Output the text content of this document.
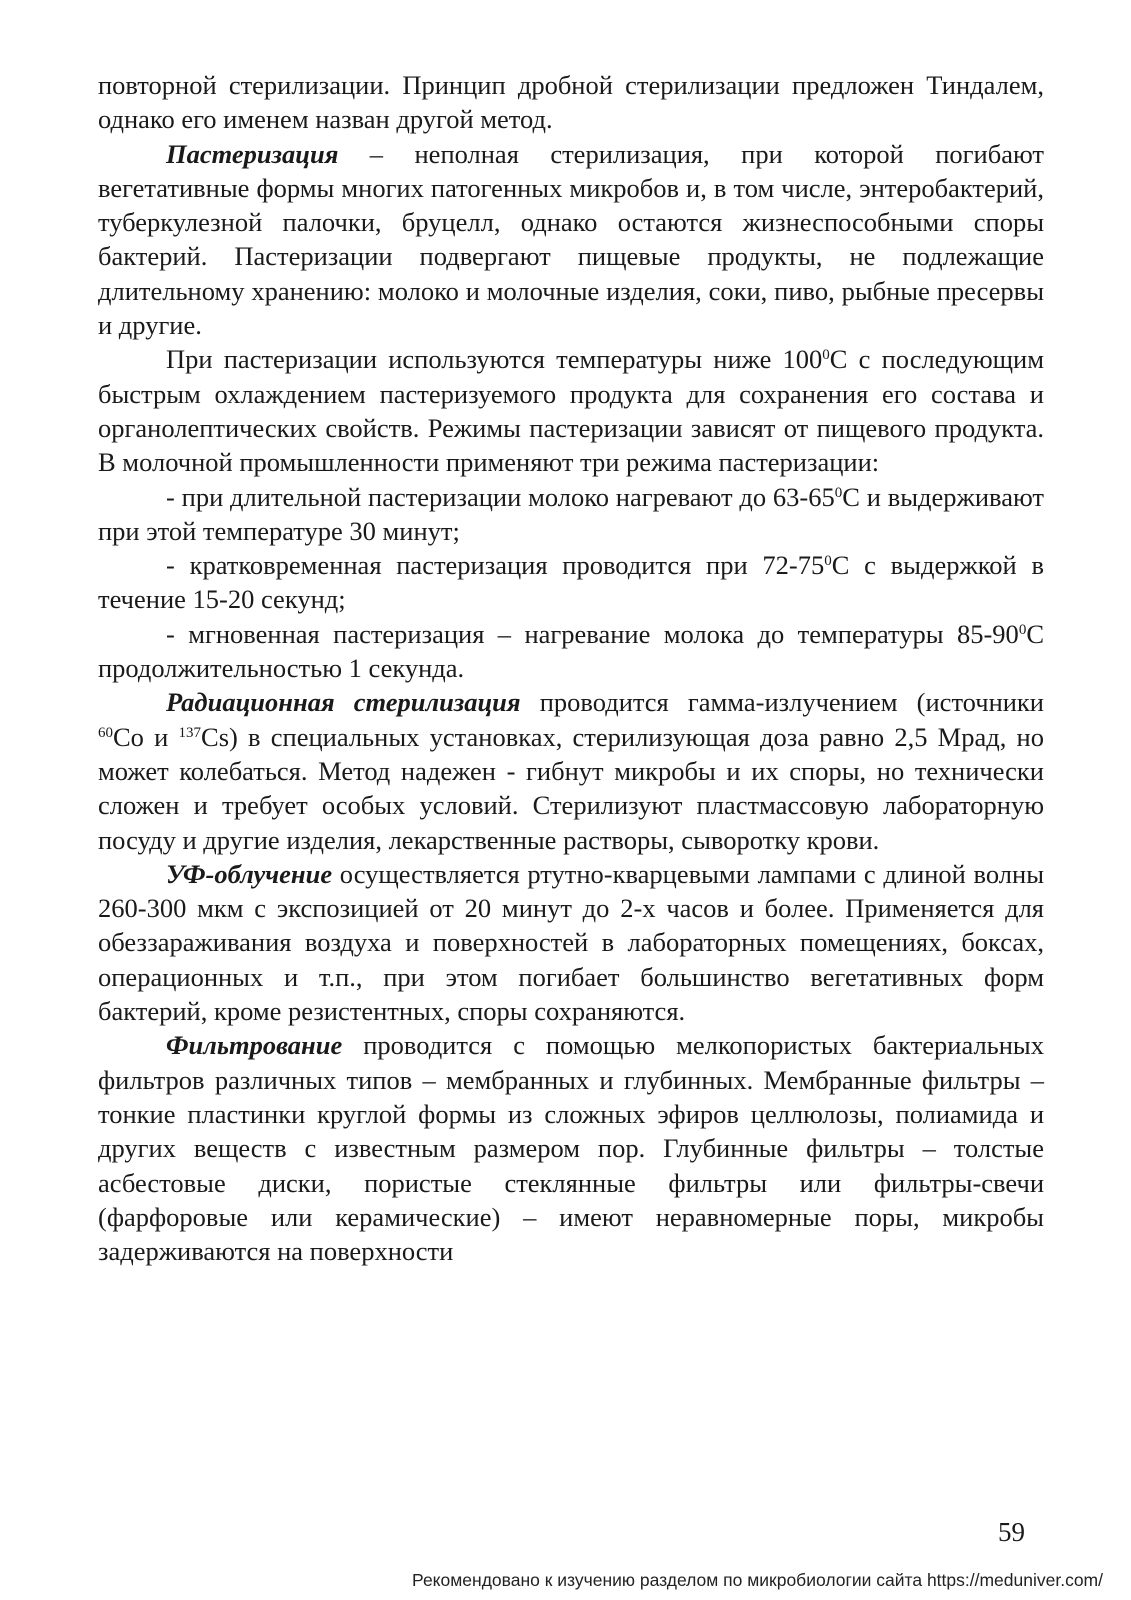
повторной стерилизации. Принцип дробной стерилизации предложен Тиндалем, однако его именем назван другой метод.

Пастеризация – неполная стерилизация, при которой погибают вегетативные формы многих патогенных микробов и, в том числе, энтеробактерий, туберкулезной палочки, бруцелл, однако остаются жизнеспособными споры бактерий. Пастеризации подвергают пищевые продукты, не подлежащие длительному хранению: молоко и молочные изделия, соки, пиво, рыбные пресервы и другие.

При пастеризации используются температуры ниже $100^0С$ с последующим быстрым охлаждением пастеризуемого продукта для сохранения его состава и органолептических свойств. Режимы пастеризации зависят от пищевого продукта. В молочной промышленности применяют три режима пастеризации:

- при длительной пастеризации молоко нагревают до $63-65^0С$ и выдерживают при этой температуре 30 минут;

- кратковременная пастеризация проводится при $72-75^0С$ с выдержкой в течение 15-20 секунд;

- мгновенная пастеризация – нагревание молока до температуры $85-90^0С$ продолжительностью 1 секунда.

Радиационная стерилизация проводится гамма-излучением (источники $^{60}$Co и $^{137}$Cs) в специальных установках, стерилизующая доза равно 2,5 Мрад, но может колебаться. Метод надежен - гибнут микробы и их споры, но технически сложен и требует особых условий. Стерилизуют пластмассовую лабораторную посуду и другие изделия, лекарственные растворы, сыворотку крови.

УФ-облучение осуществляется ртутно-кварцевыми лампами с длиной волны 260-300 мкм с экспозицией от 20 минут до 2-х часов и более. Применяется для обеззараживания воздуха и поверхностей в лабораторных помещениях, боксах, операционных и т.п., при этом погибает большинство вегетативных форм бактерий, кроме резистентных, споры сохраняются.

Фильтрование проводится с помощью мелкопористых бактериальных фильтров различных типов – мембранных и глубинных. Мембранные фильтры – тонкие пластинки круглой формы из сложных эфиров целлюлозы, полиамида и других веществ с известным размером пор. Глубинные фильтры – толстые асбестовые диски, пористые стеклянные фильтры или фильтры-свечи (фарфоровые или керамические) – имеют неравномерные поры, микробы задерживаются на поверхности

59
Рекомендовано к изучению разделом по микробиологии сайта https://meduniver.com/
